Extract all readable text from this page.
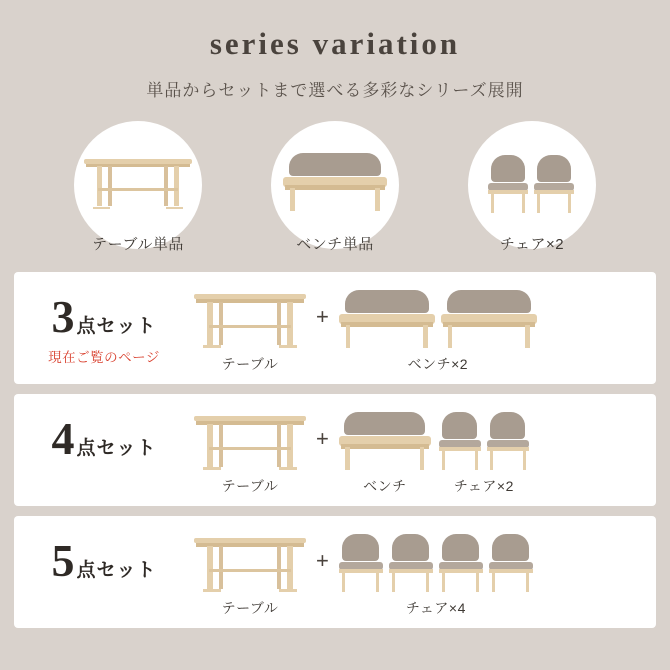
series variation
単品からセットまで選べる多彩なシリーズ展開
テーブル単品	ベンチ単品	チェア×2
3 点セット
現在ご覧のページ	テーブル
+
ベンチ×2
4 点セット
テーブル
+
ベンチ	チェア×2
5 点セット
テーブル
+
チェア×4
